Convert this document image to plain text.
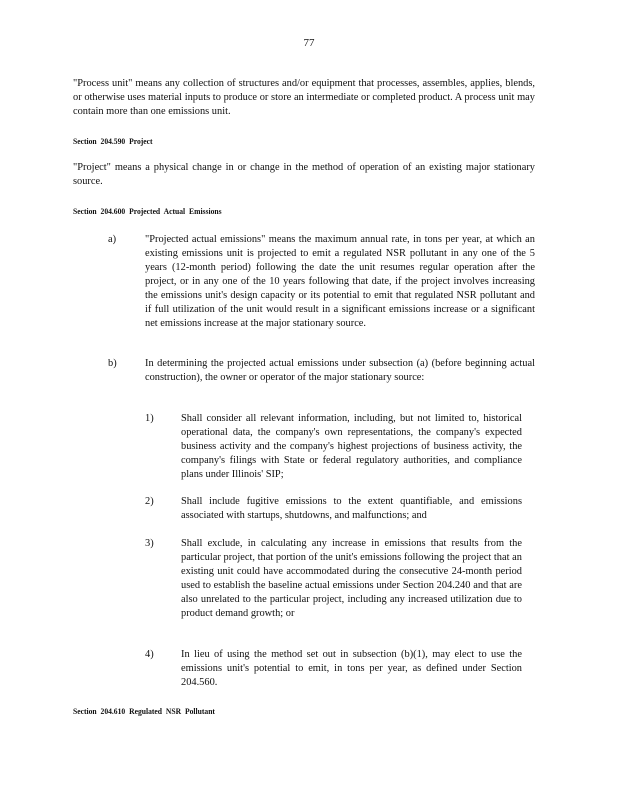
77

"Process unit" means any collection of structures and/or equipment that processes, assembles, applies, blends, or otherwise uses material inputs to produce or store an intermediate or completed product. A process unit may contain more than one emissions unit.

Section 204.590 Project

"Project" means a physical change in or change in the method of operation of an existing major stationary source.

Section 204.600 Projected Actual Emissions

a)	"Projected actual emissions" means the maximum annual rate, in tons per year, at which an existing emissions unit is projected to emit a regulated NSR pollutant in any one of the 5 years (12-month period) following the date the unit resumes regular operation after the project, or in any one of the 10 years following that date, if the project involves increasing the emissions unit's design capacity or its potential to emit that regulated NSR pollutant and if full utilization of the unit would result in a significant emissions increase or a significant net emissions increase at the major stationary source.

b)	In determining the projected actual emissions under subsection (a) (before beginning actual construction), the owner or operator of the major stationary source:

1)	Shall consider all relevant information, including, but not limited to, historical operational data, the company's own representations, the company's expected business activity and the company's highest projections of business activity, the company's filings with State or federal regulatory authorities, and compliance plans under Illinois' SIP;

2)	Shall include fugitive emissions to the extent quantifiable, and emissions associated with startups, shutdowns, and malfunctions; and

3)	Shall exclude, in calculating any increase in emissions that results from the particular project, that portion of the unit's emissions following the project that an existing unit could have accommodated during the consecutive 24-month period used to establish the baseline actual emissions under Section 204.240 and that are also unrelated to the particular project, including any increased utilization due to product demand growth; or

4)	In lieu of using the method set out in subsection (b)(1), may elect to use the emissions unit's potential to emit, in tons per year, as defined under Section 204.560.

Section 204.610 Regulated NSR Pollutant
